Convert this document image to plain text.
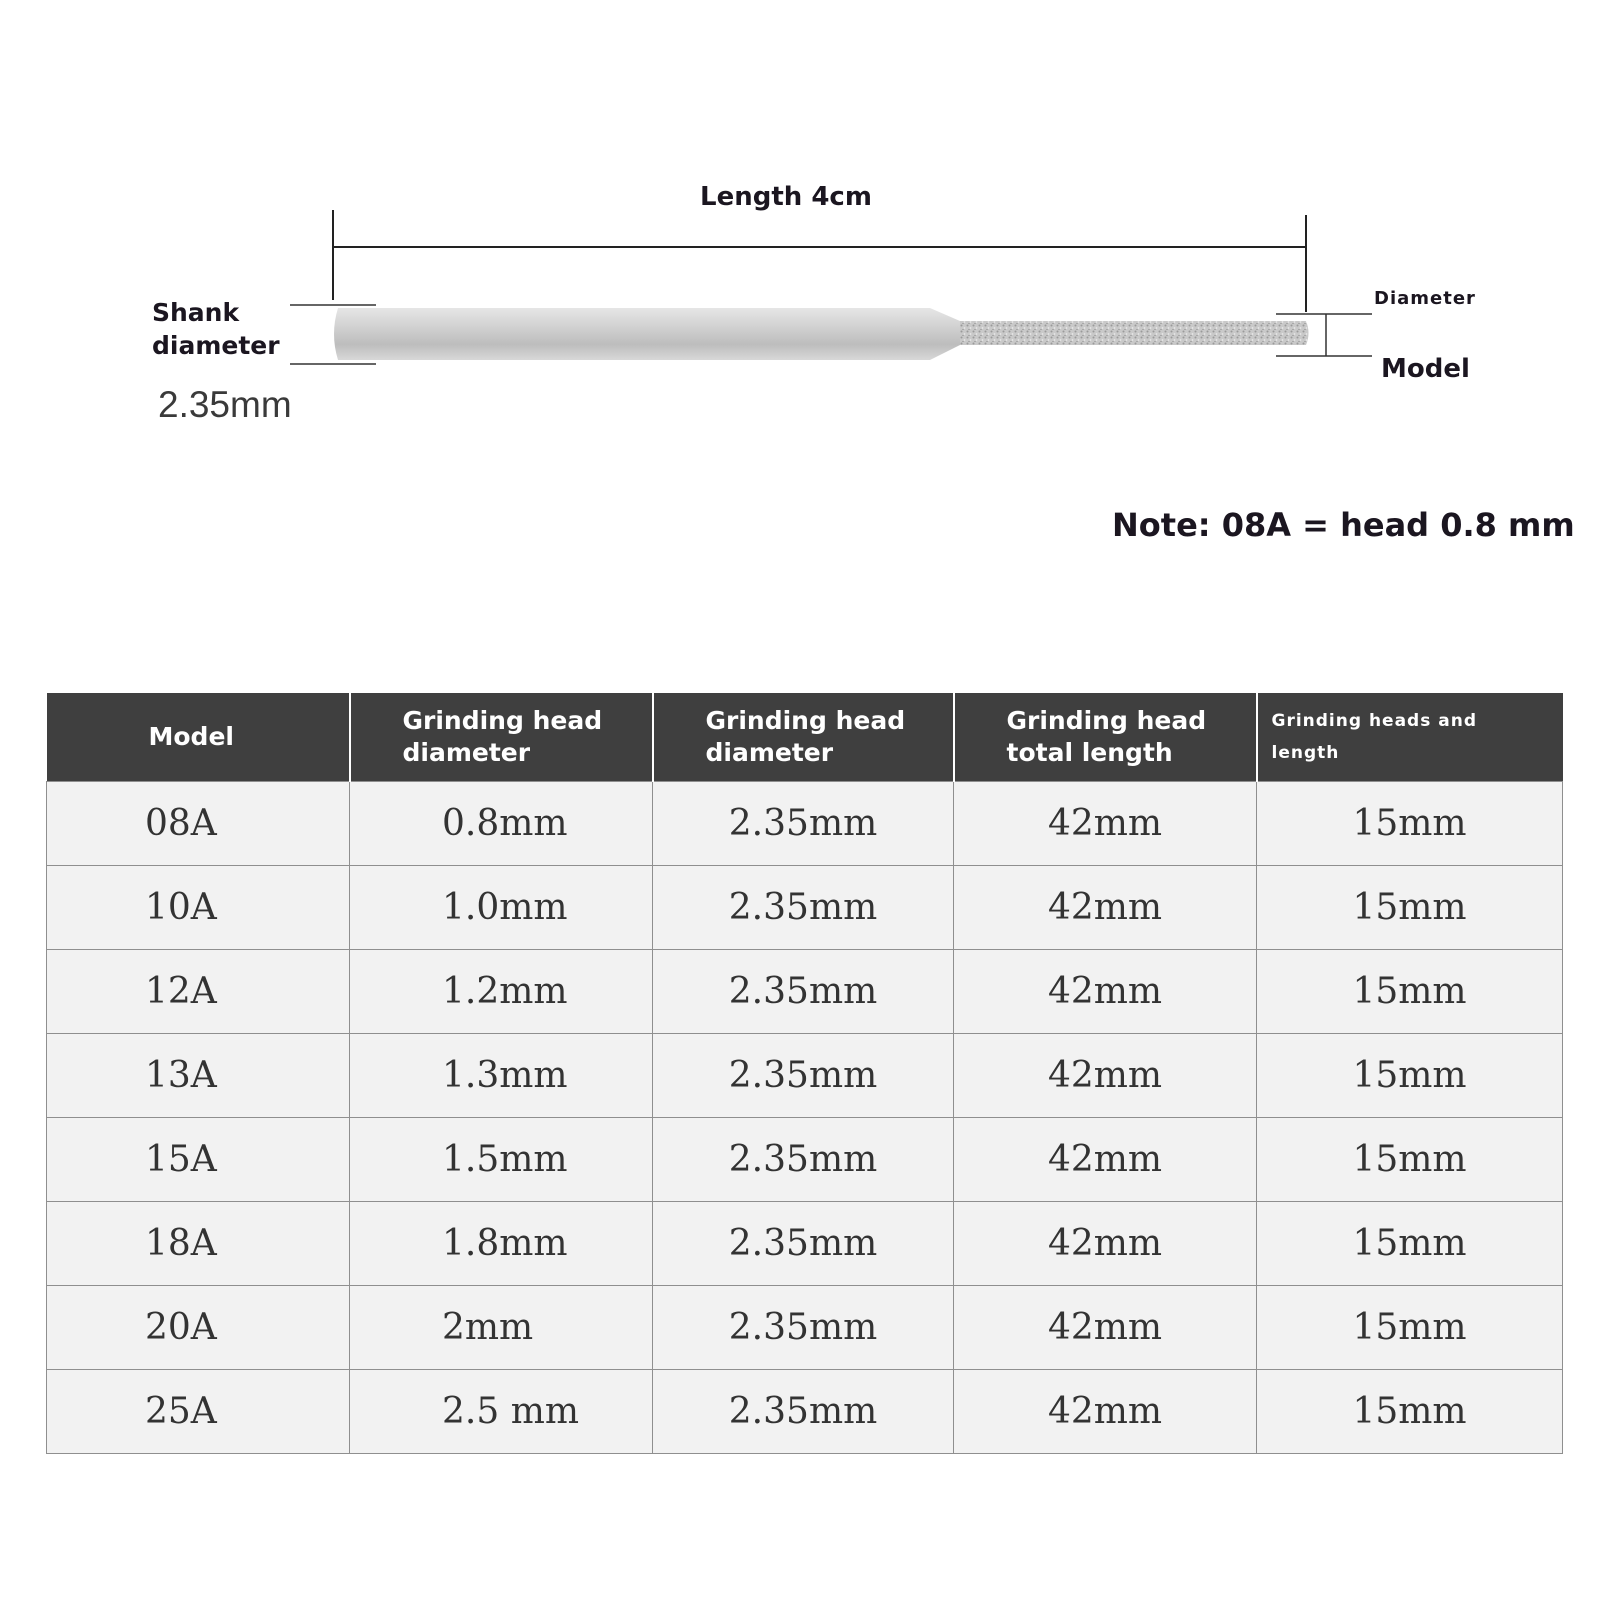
Length 4cm
Shank diameter
2.35mm
Diameter
Model
Note: 08A = head 0.8 mm
Model	Grinding head diameter	Grinding head diameter	Grinding head total length	Grinding heads and length
08A	0.8mm	2.35mm	42mm	15mm
10A	1.0mm	2.35mm	42mm	15mm
12A	1.2mm	2.35mm	42mm	15mm
13A	1.3mm	2.35mm	42mm	15mm
15A	1.5mm	2.35mm	42mm	15mm
18A	1.8mm	2.35mm	42mm	15mm
20A	2mm	2.35mm	42mm	15mm
25A	2.5 mm	2.35mm	42mm	15mm
